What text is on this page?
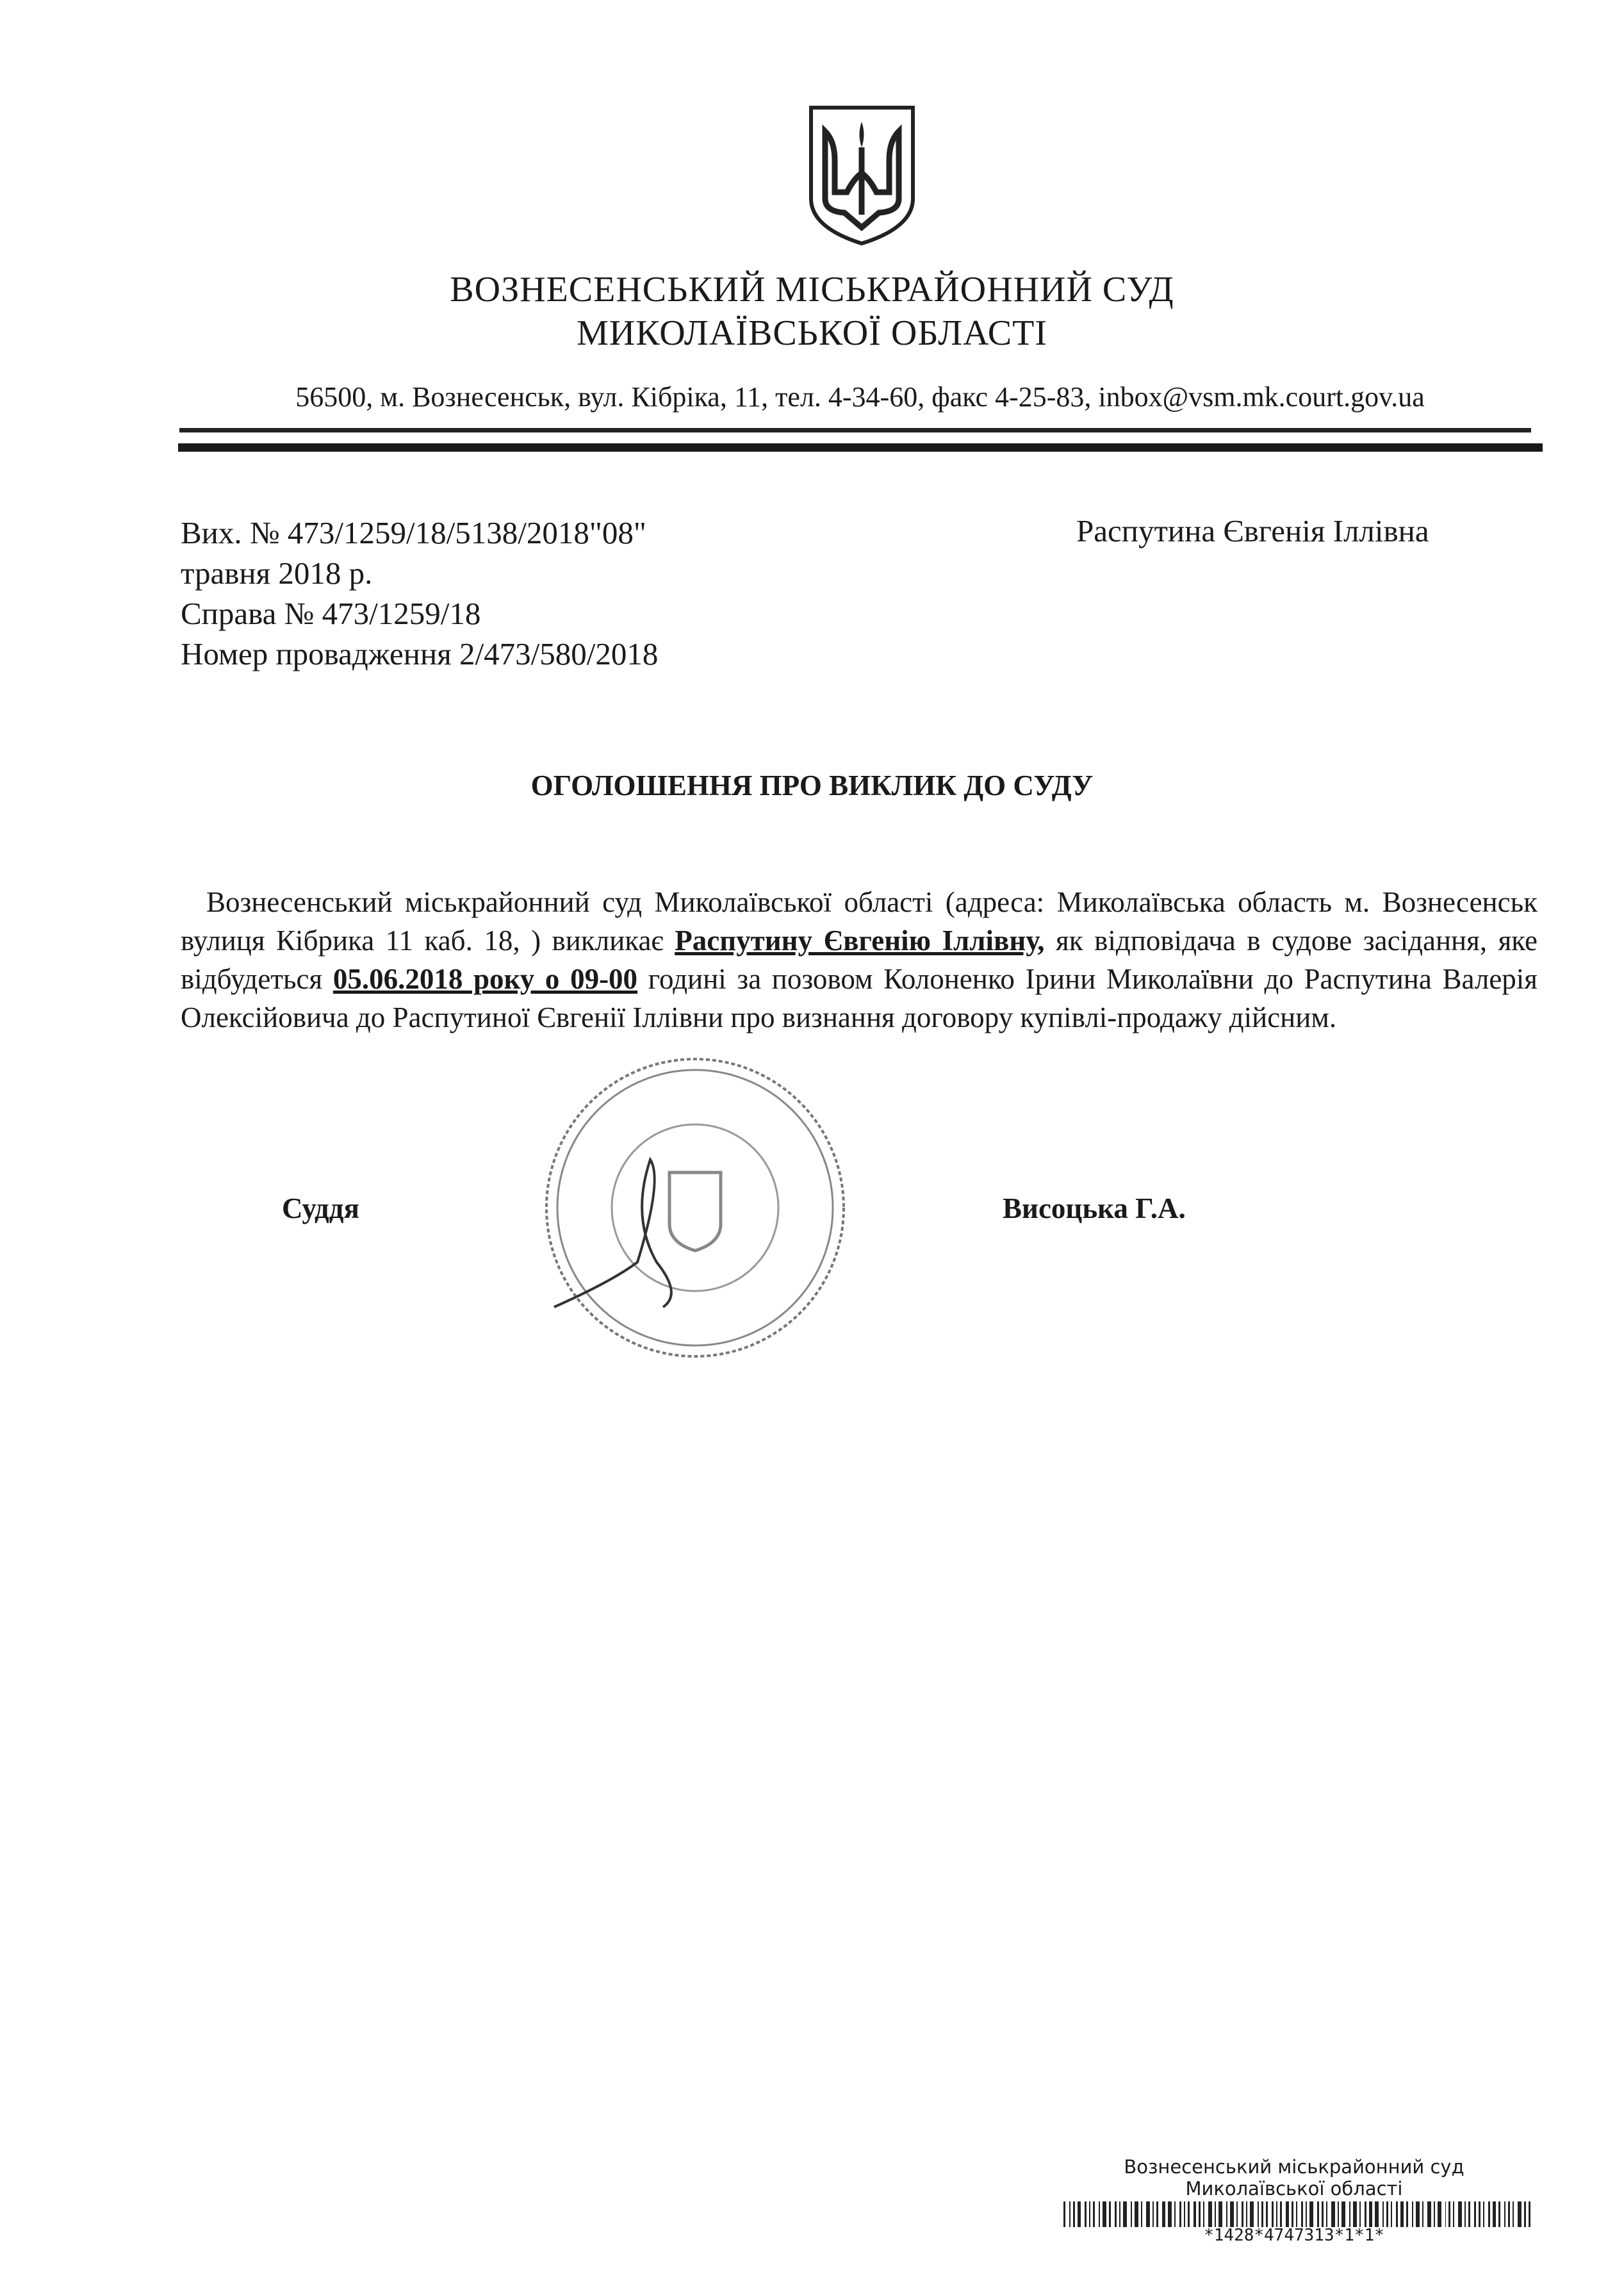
ВОЗНЕСЕНСЬКИЙ МІСЬКРАЙОННИЙ СУД
МИКОЛАЇВСЬКОЇ ОБЛАСТІ
56500, м. Вознесенськ, вул. Кібріка, 11, тел. 4-34-60, факс 4-25-83, inbox@vsm.mk.court.gov.ua
Вих. № 473/1259/18/5138/2018"08"
травня 2018 р.
Справа № 473/1259/18
Номер провадження 2/473/580/2018
Распутина Євгенія Іллівна
ОГОЛОШЕННЯ ПРО ВИКЛИК ДО СУДУ
Вознесенський міськрайонний суд Миколаївської області (адреса: Миколаївська область м. Вознесенськ вулиця Кібрика 11 каб. 18, ) викликає Распутину Євгенію Іллівну, як відповідача в судове засідання, яке відбудеться 05.06.2018 року о 09-00 годині за позовом Колоненко Ірини Миколаївни до Распутина Валерія Олексійовича до Распутиної Євгенії Іллівни про визнання договору купівлі-продажу дійсним.
Суддя	Висоцька Г.А.
Вознесенський міськрайонний суд
Миколаївської області
*1428*4747313*1*1*
